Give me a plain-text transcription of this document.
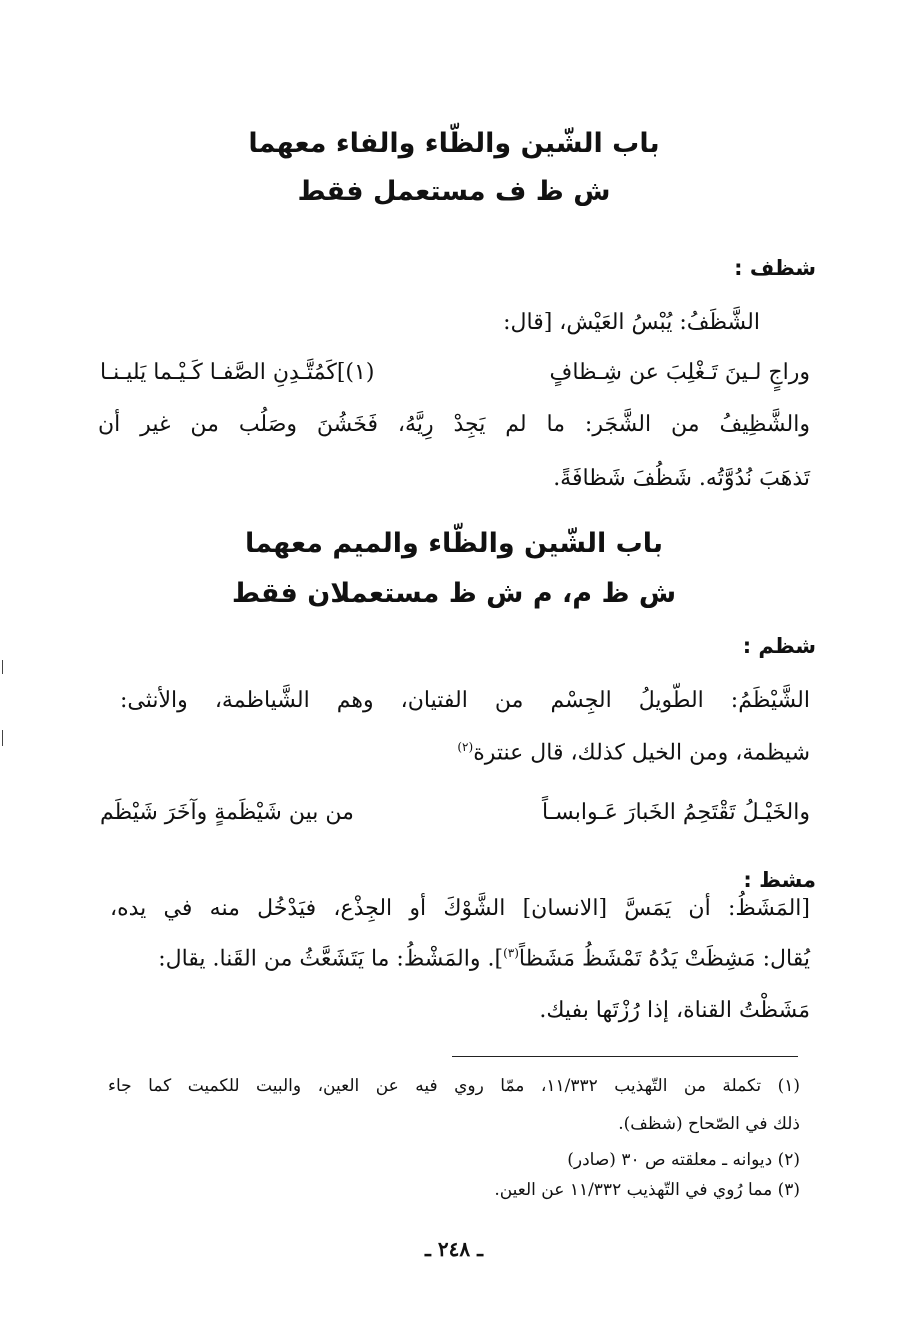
باب الشّين والظّاء والفاء معهما
ش ظ ف مستعمل فقط
شظف :
الشَّظَفُ: يُبْسُ العَيْش، [قال:
وراجٍ لـينَ تَـغْلِبَ عن شِـظافٍ
(١)]كَمُتَّـدِنِ الصَّفـا كَـيْـما يَليـنـا
والشَّظِيفُ من الشَّجَر: ما لم يَجِدْ رِيَّهُ، فَخَشُنَ وصَلُب من غير أن
تَذهَبَ نُدُوَّتُه. شَظُفَ شَظافَةً.
باب الشّين والظّاء والميم معهما
ش ظ م، م ش ظ مستعملان فقط
شظم :
الشَّيْظَمُ: الطّويلُ الجِسْم من الفتيان، وهم الشَّياظمة، والأنثى:
شيظمة، ومن الخيل كذلك، قال عنترة$^{(٢)}$
والخَيْـلُ تَقْتَحِمُ الخَبارَ عَـوابسـاً
من بين شَيْظَمةٍ وآخَرَ شَيْظَم
مشظ :
[المَشَظُ: أن يَمَسَّ [الانسان] الشَّوْكَ أو الجِذْع، فيَدْخُل منه في يده،
يُقال: مَشِظَتْ يَدُهُ تَمْشَظُ مَشَظاً$^{(٣)}$]. والمَشْظُ: ما يَتَشَعَّثُ من القَنا. يقال:
مَشَظْتُ القناة، إذا رُزْتَها بفيك.
(١) تكملة من التّهذيب ١١/٣٣٢، ممّا روي فيه عن العين، والبيت للكميت كما جاء
ذلك في الصّحاح (شظف).
(٢) ديوانه ـ معلقته ص ٣٠ (صادر)
(٣) مما رُوي في التّهذيب ١١/٣٣٢ عن العين.
ـ ٢٤٨ ـ
